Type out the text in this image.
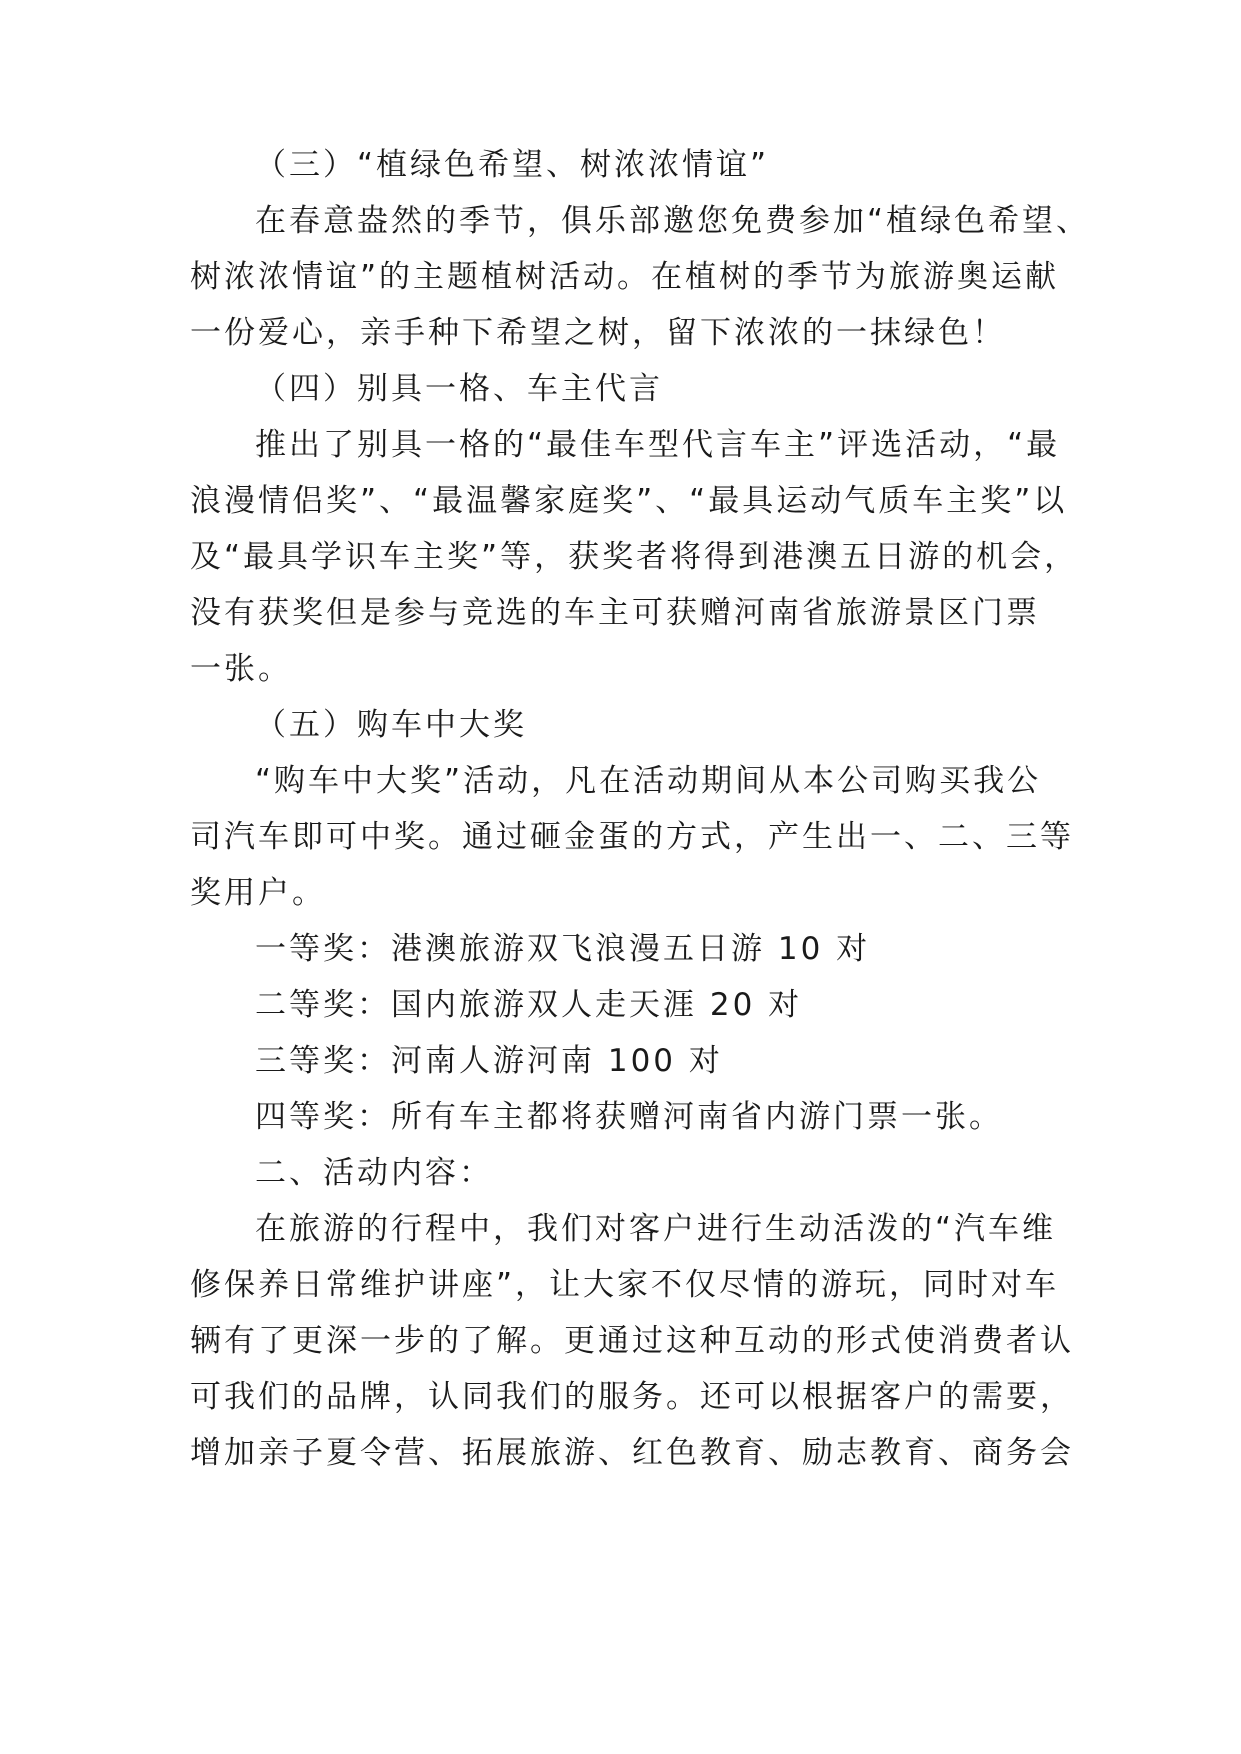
（三）“植绿色希望、树浓浓情谊”
在春意盎然的季节，俱乐部邀您免费参加“植绿色希望、
树浓浓情谊”的主题植树活动。在植树的季节为旅游奥运献
一份爱心，亲手种下希望之树，留下浓浓的一抹绿色！
（四）别具一格、车主代言
推出了别具一格的“最佳车型代言车主”评选活动，“最
浪漫情侣奖”、“最温馨家庭奖”、“最具运动气质车主奖”以
及“最具学识车主奖”等，获奖者将得到港澳五日游的机会，
没有获奖但是参与竞选的车主可获赠河南省旅游景区门票
一张。
（五）购车中大奖
“购车中大奖”活动，凡在活动期间从本公司购买我公
司汽车即可中奖。通过砸金蛋的方式，产生出一、二、三等
奖用户。
一等奖：港澳旅游双飞浪漫五日游 10 对
二等奖：国内旅游双人走天涯 20 对
三等奖：河南人游河南 100 对
四等奖：所有车主都将获赠河南省内游门票一张。
二、活动内容：
在旅游的行程中，我们对客户进行生动活泼的“汽车维
修保养日常维护讲座”，让大家不仅尽情的游玩，同时对车
辆有了更深一步的了解。更通过这种互动的形式使消费者认
可我们的品牌，认同我们的服务。还可以根据客户的需要，
增加亲子夏令营、拓展旅游、红色教育、励志教育、商务会
